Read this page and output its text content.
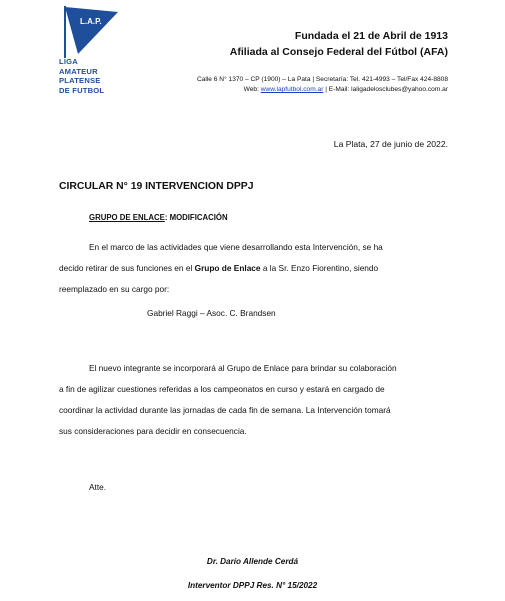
L.A.P.
LIGA
AMATEUR
PLATENSE
DE FUTBOL
Fundada el 21 de Abril de 1913
Afiliada al Consejo Federal del Fútbol (AFA)
Calle 6 N° 1370 – CP (1900) – La Pata | Secretaría: Tel. 421-4993 – Tel/Fax 424-8808
Web: www.lapfutbol.com.ar | E-Mail: laligadelosclubes@yahoo.com.ar
La Plata, 27 de junio de 2022.
CIRCULAR N° 19 INTERVENCION DPPJ
GRUPO DE ENLACE: MODIFICACIÓN
En el marco de las actividades que viene desarrollando esta Intervención, se ha
decido retirar de sus funciones en el Grupo de Enlace a la Sr. Enzo Fiorentino, siendo
reemplazado en su cargo por:
Gabriel Raggi – Asoc. C. Brandsen
El nuevo integrante se incorporará al Grupo de Enlace para brindar su colaboración
a fin de agilizar cuestiones referidas a los campeonatos en curso y estará en cargado de
coordinar la actividad durante las jornadas de cada fin de semana. La Intervención tomará
sus consideraciones para decidir en consecuencia.
Atte.
Dr. Darío Allende Cerdá
Interventor DPPJ Res. N° 15/2022
